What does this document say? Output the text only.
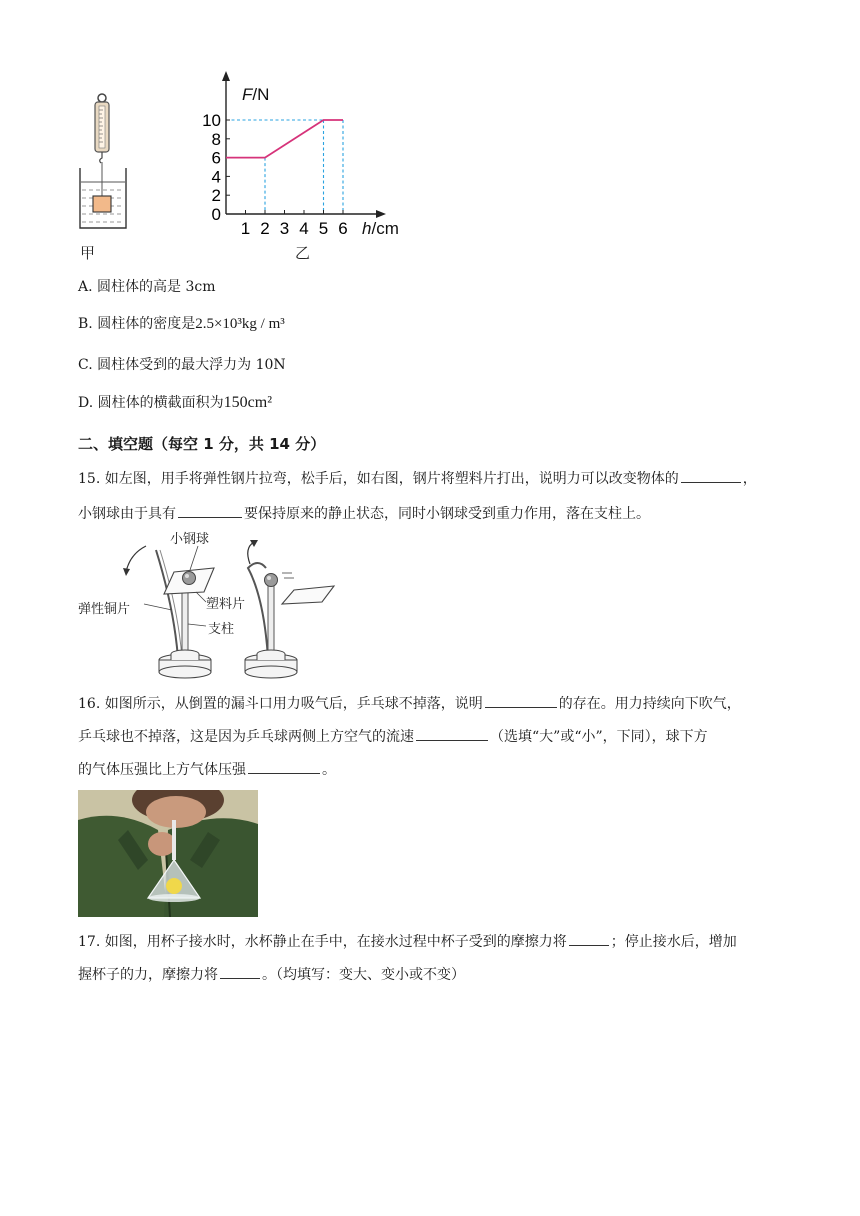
甲
F/N
h/cm
0
2
4
6
8
10
1 2 3 4 5 6
乙
A. 圆柱体的高是 3cm
B. 圆柱体的密度是2.5×10³kg / m³
C. 圆柱体受到的最大浮力为 10N
D. 圆柱体的横截面积为150cm²
二、填空题（每空 1 分，共 14 分）
15. 如左图，用手将弹性钢片拉弯，松手后，如右图，钢片将塑料片打出，说明力可以改变物体的	，
小钢球由于具有	要保持原来的静止状态，同时小钢球受到重力作用，落在支柱上。
小钢球
弹性铜片	塑料片
支柱
16. 如图所示，从倒置的漏斗口用力吸气后，乒乓球不掉落，说明	的存在。用力持续向下吹气，
乒乓球也不掉落，这是因为乒乓球两侧上方空气的流速	（选填“大”或“小”，下同），球下方
的气体压强比上方气体压强	。
17. 如图，用杯子接水时，水杯静止在手中，在接水过程中杯子受到的摩擦力将	；停止接水后，增加
握杯子的力，摩擦力将	。（均填写：变大、变小或不变）
